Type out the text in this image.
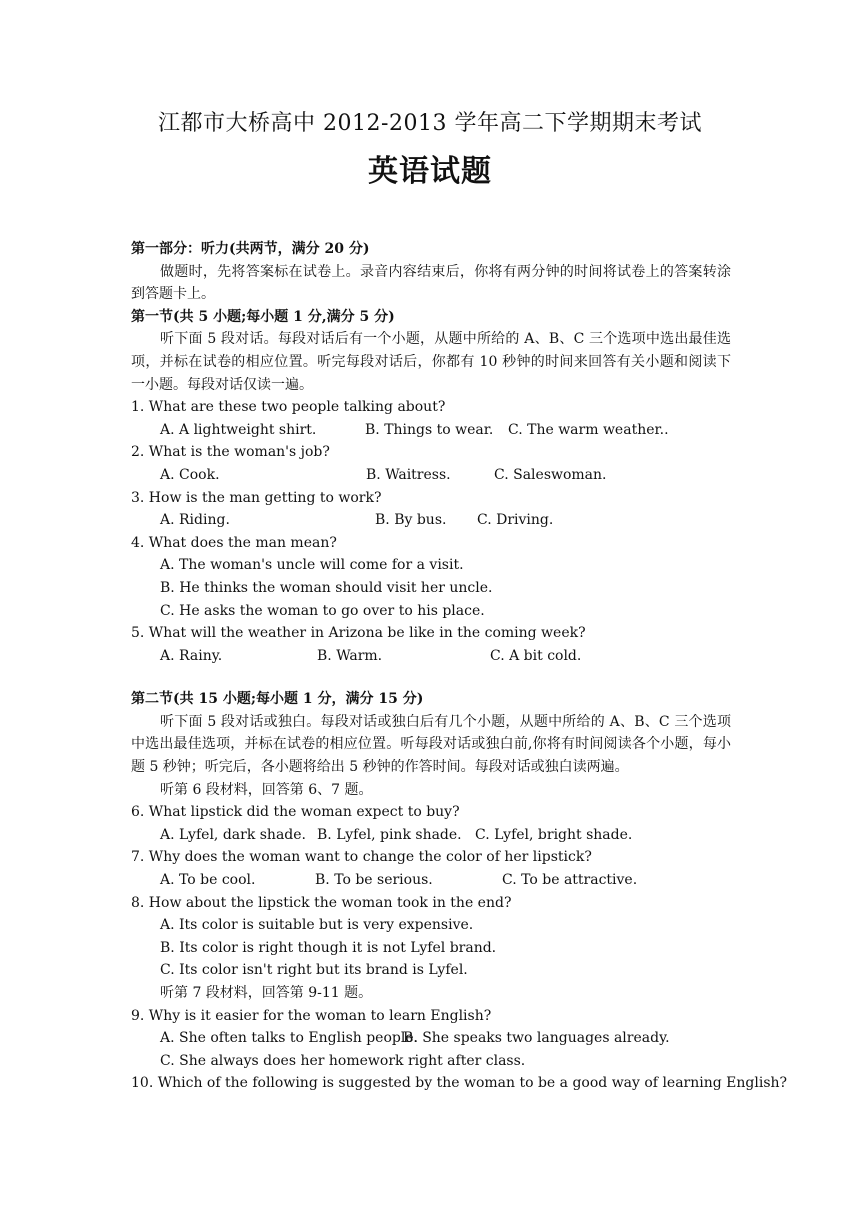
江都市大桥高中 2012-2013 学年高二下学期期末考试
英语试题

第一部分：听力(共两节，满分 20 分)

做题时，先将答案标在试卷上。录音内容结束后，你将有两分钟的时间将试卷上的答案转涂到答题卡上。

第一节(共 5 小题;每小题 1 分,满分 5 分)

听下面 5 段对话。每段对话后有一个小题，从题中所给的 A、B、C 三个选项中选出最佳选项，并标在试卷的相应位置。听完每段对话后，你都有 10 秒钟的时间来回答有关小题和阅读下一小题。每段对话仅读一遍。

1. What are these two people talking about?

A. A lightweight shirt.	B. Things to wear. C. The warm weather..

2. What is the woman's job?

A. Cook.	B. Waitress.	C. Saleswoman.

3. How is the man getting to work?

A. Riding.	B. By bus. C. Driving.

4. What does the man mean?

A. The woman's uncle will come for a visit.

B. He thinks the woman should visit her uncle.

C. He asks the woman to go over to his place.

5. What will the weather in Arizona be like in the coming week?

A. Rainy.	B. Warm.	C. A bit cold.

第二节(共 15 小题;每小题 1 分，满分 15 分)

听下面 5 段对话或独白。每段对话或独白后有几个小题，从题中所给的 A、B、C 三个选项中选出最佳选项，并标在试卷的相应位置。听每段对话或独白前,你将有时间阅读各个小题，每小题 5 秒钟；听完后，各小题将给出 5 秒钟的作答时间。每段对话或独白读两遍。

听第 6 段材料，回答第 6、7 题。

6. What lipstick did the woman expect to buy?

A. Lyfel, dark shade. B. Lyfel, pink shade. C. Lyfel, bright shade.

7. Why does the woman want to change the color of her lipstick?

A. To be cool.	B. To be serious.	C. To be attractive.

8. How about the lipstick the woman took in the end?

A. Its color is suitable but is very expensive.

B. Its color is right though it is not Lyfel brand.

C. Its color isn't right but its brand is Lyfel.

听第 7 段材料，回答第 9-11 题。

9. Why is it easier for the woman to learn English?

A. She often talks to English people.B. She speaks two languages already.

C. She always does her homework right after class.

10. Which of the following is suggested by the woman to be a good way of learning English?
